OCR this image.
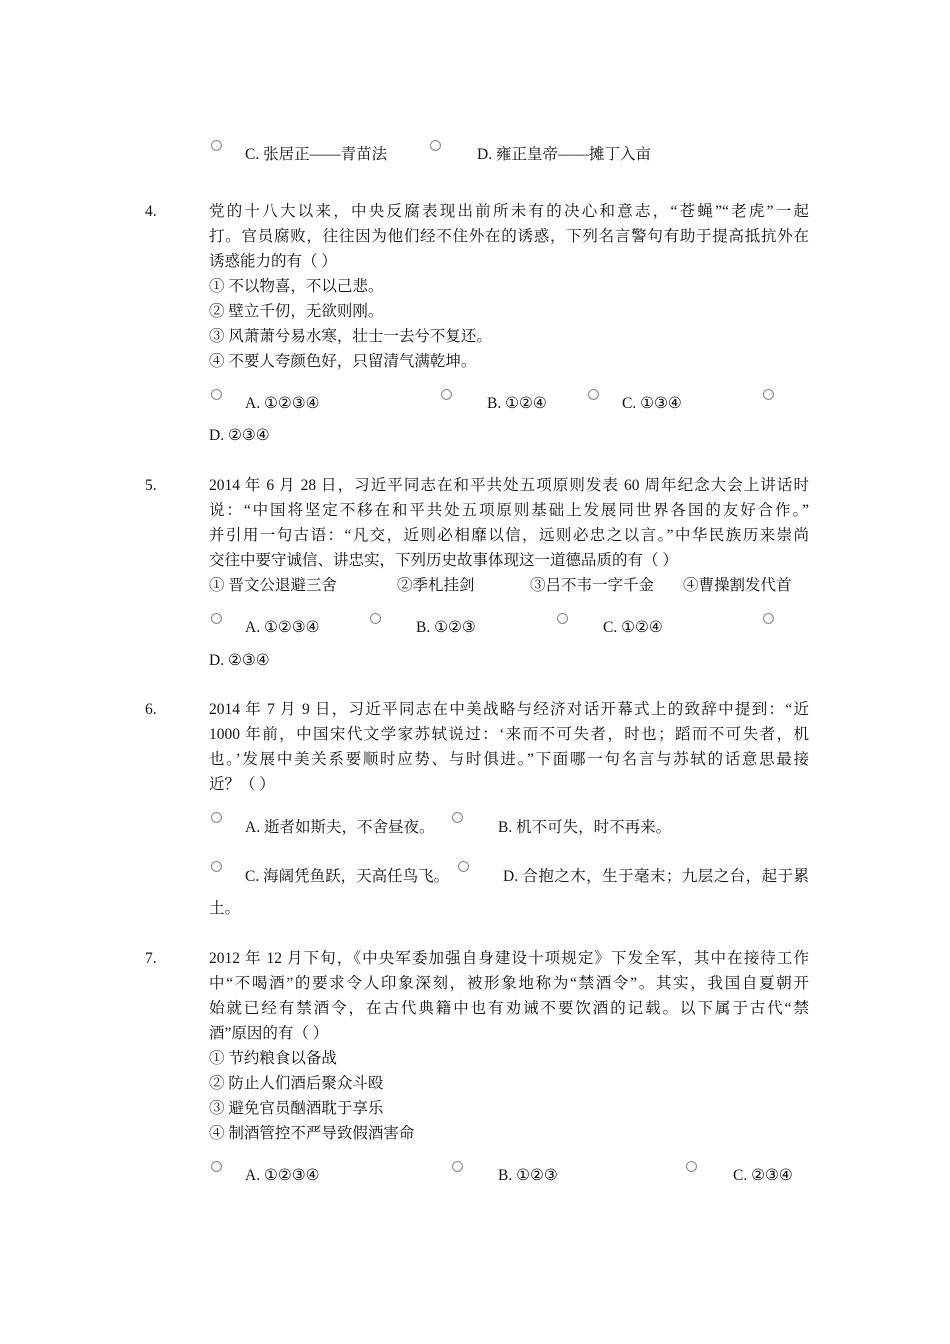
C. 张居正——青苗法	D. 雍正皇帝——摊丁入亩
4.	党的十八大以来，中央反腐表现出前所未有的决心和意志，“苍蝇”“老虎”一起
打。官员腐败，往往因为他们经不住外在的诱惑，下列名言警句有助于提高抵抗外在
诱惑能力的有（ ）
① 不以物喜，不以己悲。
② 壁立千仞，无欲则刚。
③ 风萧萧兮易水寒，壮士一去兮不复还。
④ 不要人夸颜色好，只留清气满乾坤。
A. ①②③④	B. ①②④	C. ①③④
D. ②③④
5.	2014 年 6 月 28 日，习近平同志在和平共处五项原则发表 60 周年纪念大会上讲话时
说：“中国将坚定不移在和平共处五项原则基础上发展同世界各国的友好合作。”
并引用一句古语：“凡交，近则必相靡以信，远则必忠之以言。”中华民族历来崇尚
交往中要守诚信、讲忠实，下列历史故事体现这一道德品质的有（ ）
① 晋文公退避三舍	②季札挂剑	③吕不韦一字千金 ④曹操割发代首
A. ①②③④	B. ①②③	C. ①②④
D. ②③④
6.	2014 年 7 月 9 日，习近平同志在中美战略与经济对话开幕式上的致辞中提到：“近
1000 年前，中国宋代文学家苏轼说过：‘来而不可失者，时也；蹈而不可失者，机
也。’发展中美关系要顺时应势、与时俱进。”下面哪一句名言与苏轼的话意思最接
近？（ ）
A. 逝者如斯夫，不舍昼夜。	B. 机不可失，时不再来。
C. 海阔凭鱼跃，天高任鸟飞。	D. 合抱之木，生于毫末；九层之台，起于累
土。
7.	2012 年 12 月下旬，《中央军委加强自身建设十项规定》下发全军，其中在接待工作
中“不喝酒”的要求令人印象深刻，被形象地称为“禁酒令”。其实，我国自夏朝开
始就已经有禁酒令，在古代典籍中也有劝诫不要饮酒的记载。以下属于古代“禁
酒”原因的有（ ）
① 节约粮食以备战
② 防止人们酒后聚众斗殴
③ 避免官员酗酒耽于享乐
④ 制酒管控不严导致假酒害命
A. ①②③④	B. ①②③	C. ②③④
